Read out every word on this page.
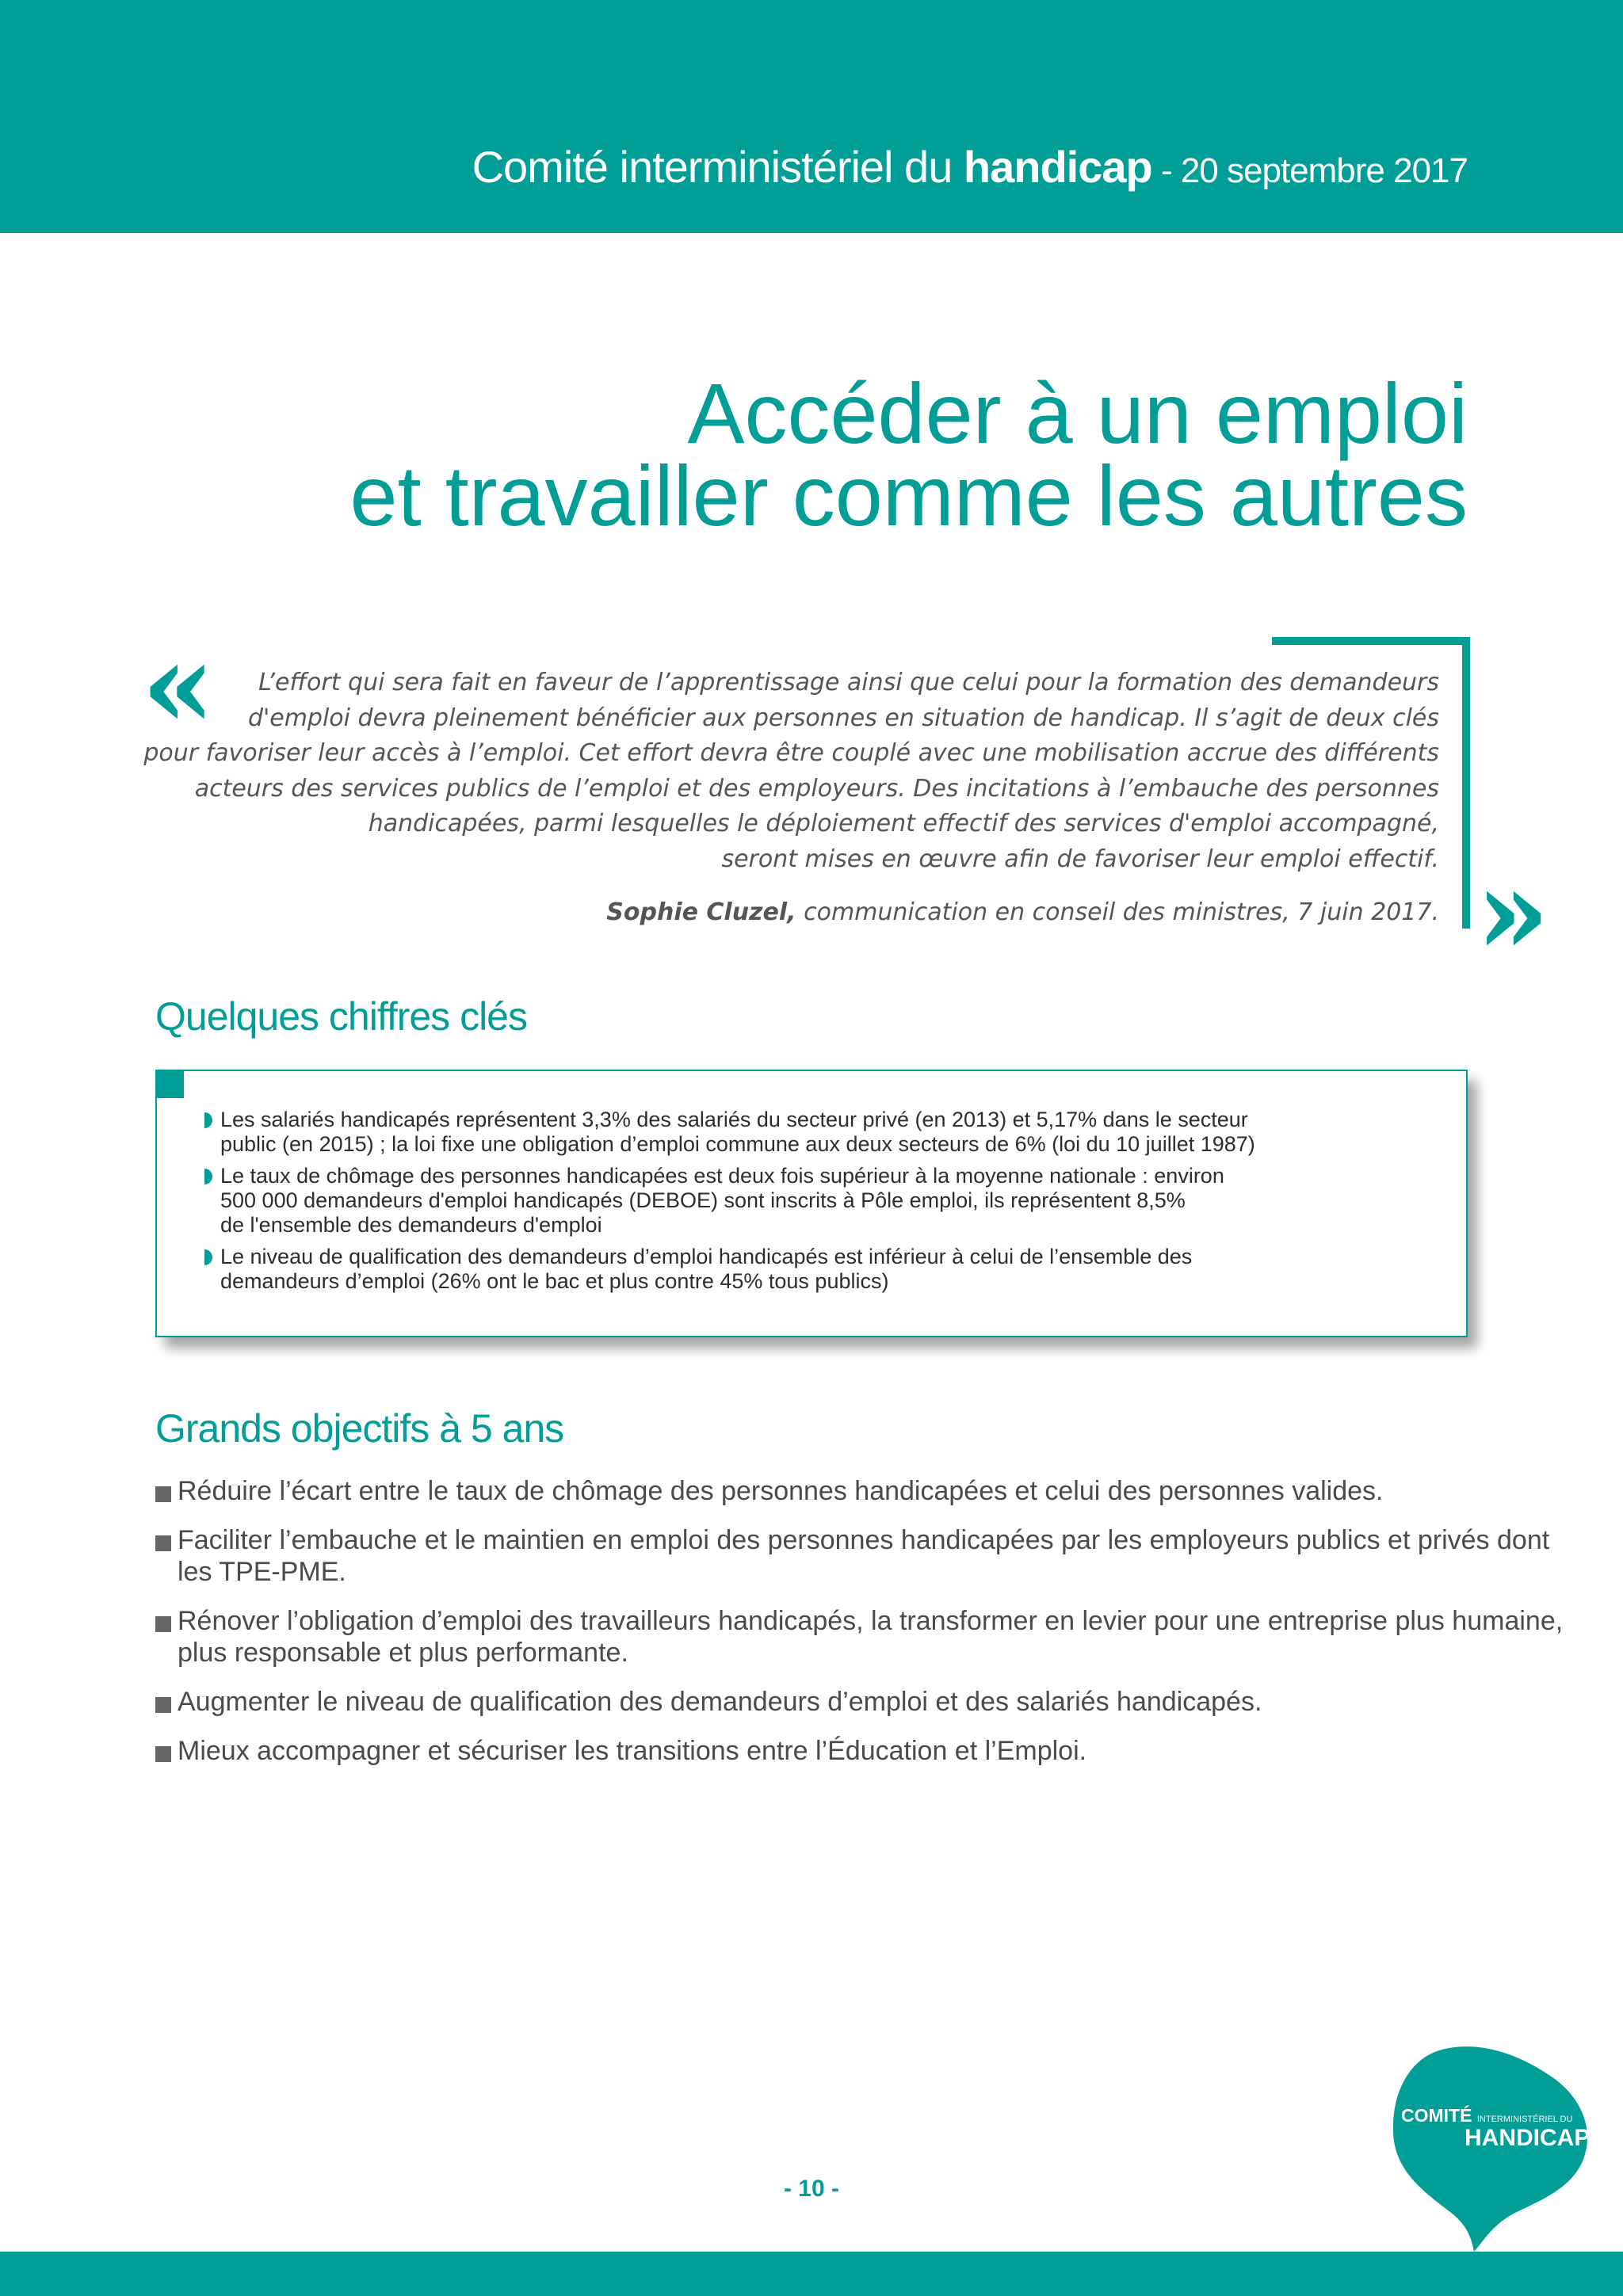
Comité interministériel du handicap - 20 septembre 2017
Accéder à un emploi
et travailler comme les autres
«	L’effort qui sera fait en faveur de l’apprentissage ainsi que celui pour la formation des demandeurs
d'emploi devra pleinement bénéficier aux personnes en situation de handicap. Il s’agit de deux clés
pour favoriser leur accès à l’emploi. Cet effort devra être couplé avec une mobilisation accrue des différents
acteurs des services publics de l’emploi et des employeurs. Des incitations à l’embauche des personnes
handicapées, parmi lesquelles le déploiement effectif des services d'emploi accompagné,
seront mises en œuvre afin de favoriser leur emploi effectif.
Sophie Cluzel, communication en conseil des ministres, 7 juin 2017. »
Quelques chiffres clés
Les salariés handicapés représentent 3,3% des salariés du secteur privé (en 2013) et 5,17% dans le secteur
public (en 2015) ; la loi fixe une obligation d’emploi commune aux deux secteurs de 6% (loi du 10 juillet 1987)
Le taux de chômage des personnes handicapées est deux fois supérieur à la moyenne nationale : environ
500 000 demandeurs d'emploi handicapés (DEBOE) sont inscrits à Pôle emploi, ils représentent 8,5%
de l'ensemble des demandeurs d'emploi
Le niveau de qualification des demandeurs d’emploi handicapés est inférieur à celui de l’ensemble des
demandeurs d’emploi (26% ont le bac et plus contre 45% tous publics)
Grands objectifs à 5 ans
Réduire l’écart entre le taux de chômage des personnes handicapées et celui des personnes valides.
Faciliter l’embauche et le maintien en emploi des personnes handicapées par les employeurs publics et privés dont
les TPE-PME.
Rénover l’obligation d’emploi des travailleurs handicapés, la transformer en levier pour une entreprise plus humaine,
plus responsable et plus performante.
Augmenter le niveau de qualification des demandeurs d’emploi et des salariés handicapés.
Mieux accompagner et sécuriser les transitions entre l’Éducation et l’Emploi.
- 10 -
COMITÉ INTERMINISTÉRIEL DU
HANDICAP
